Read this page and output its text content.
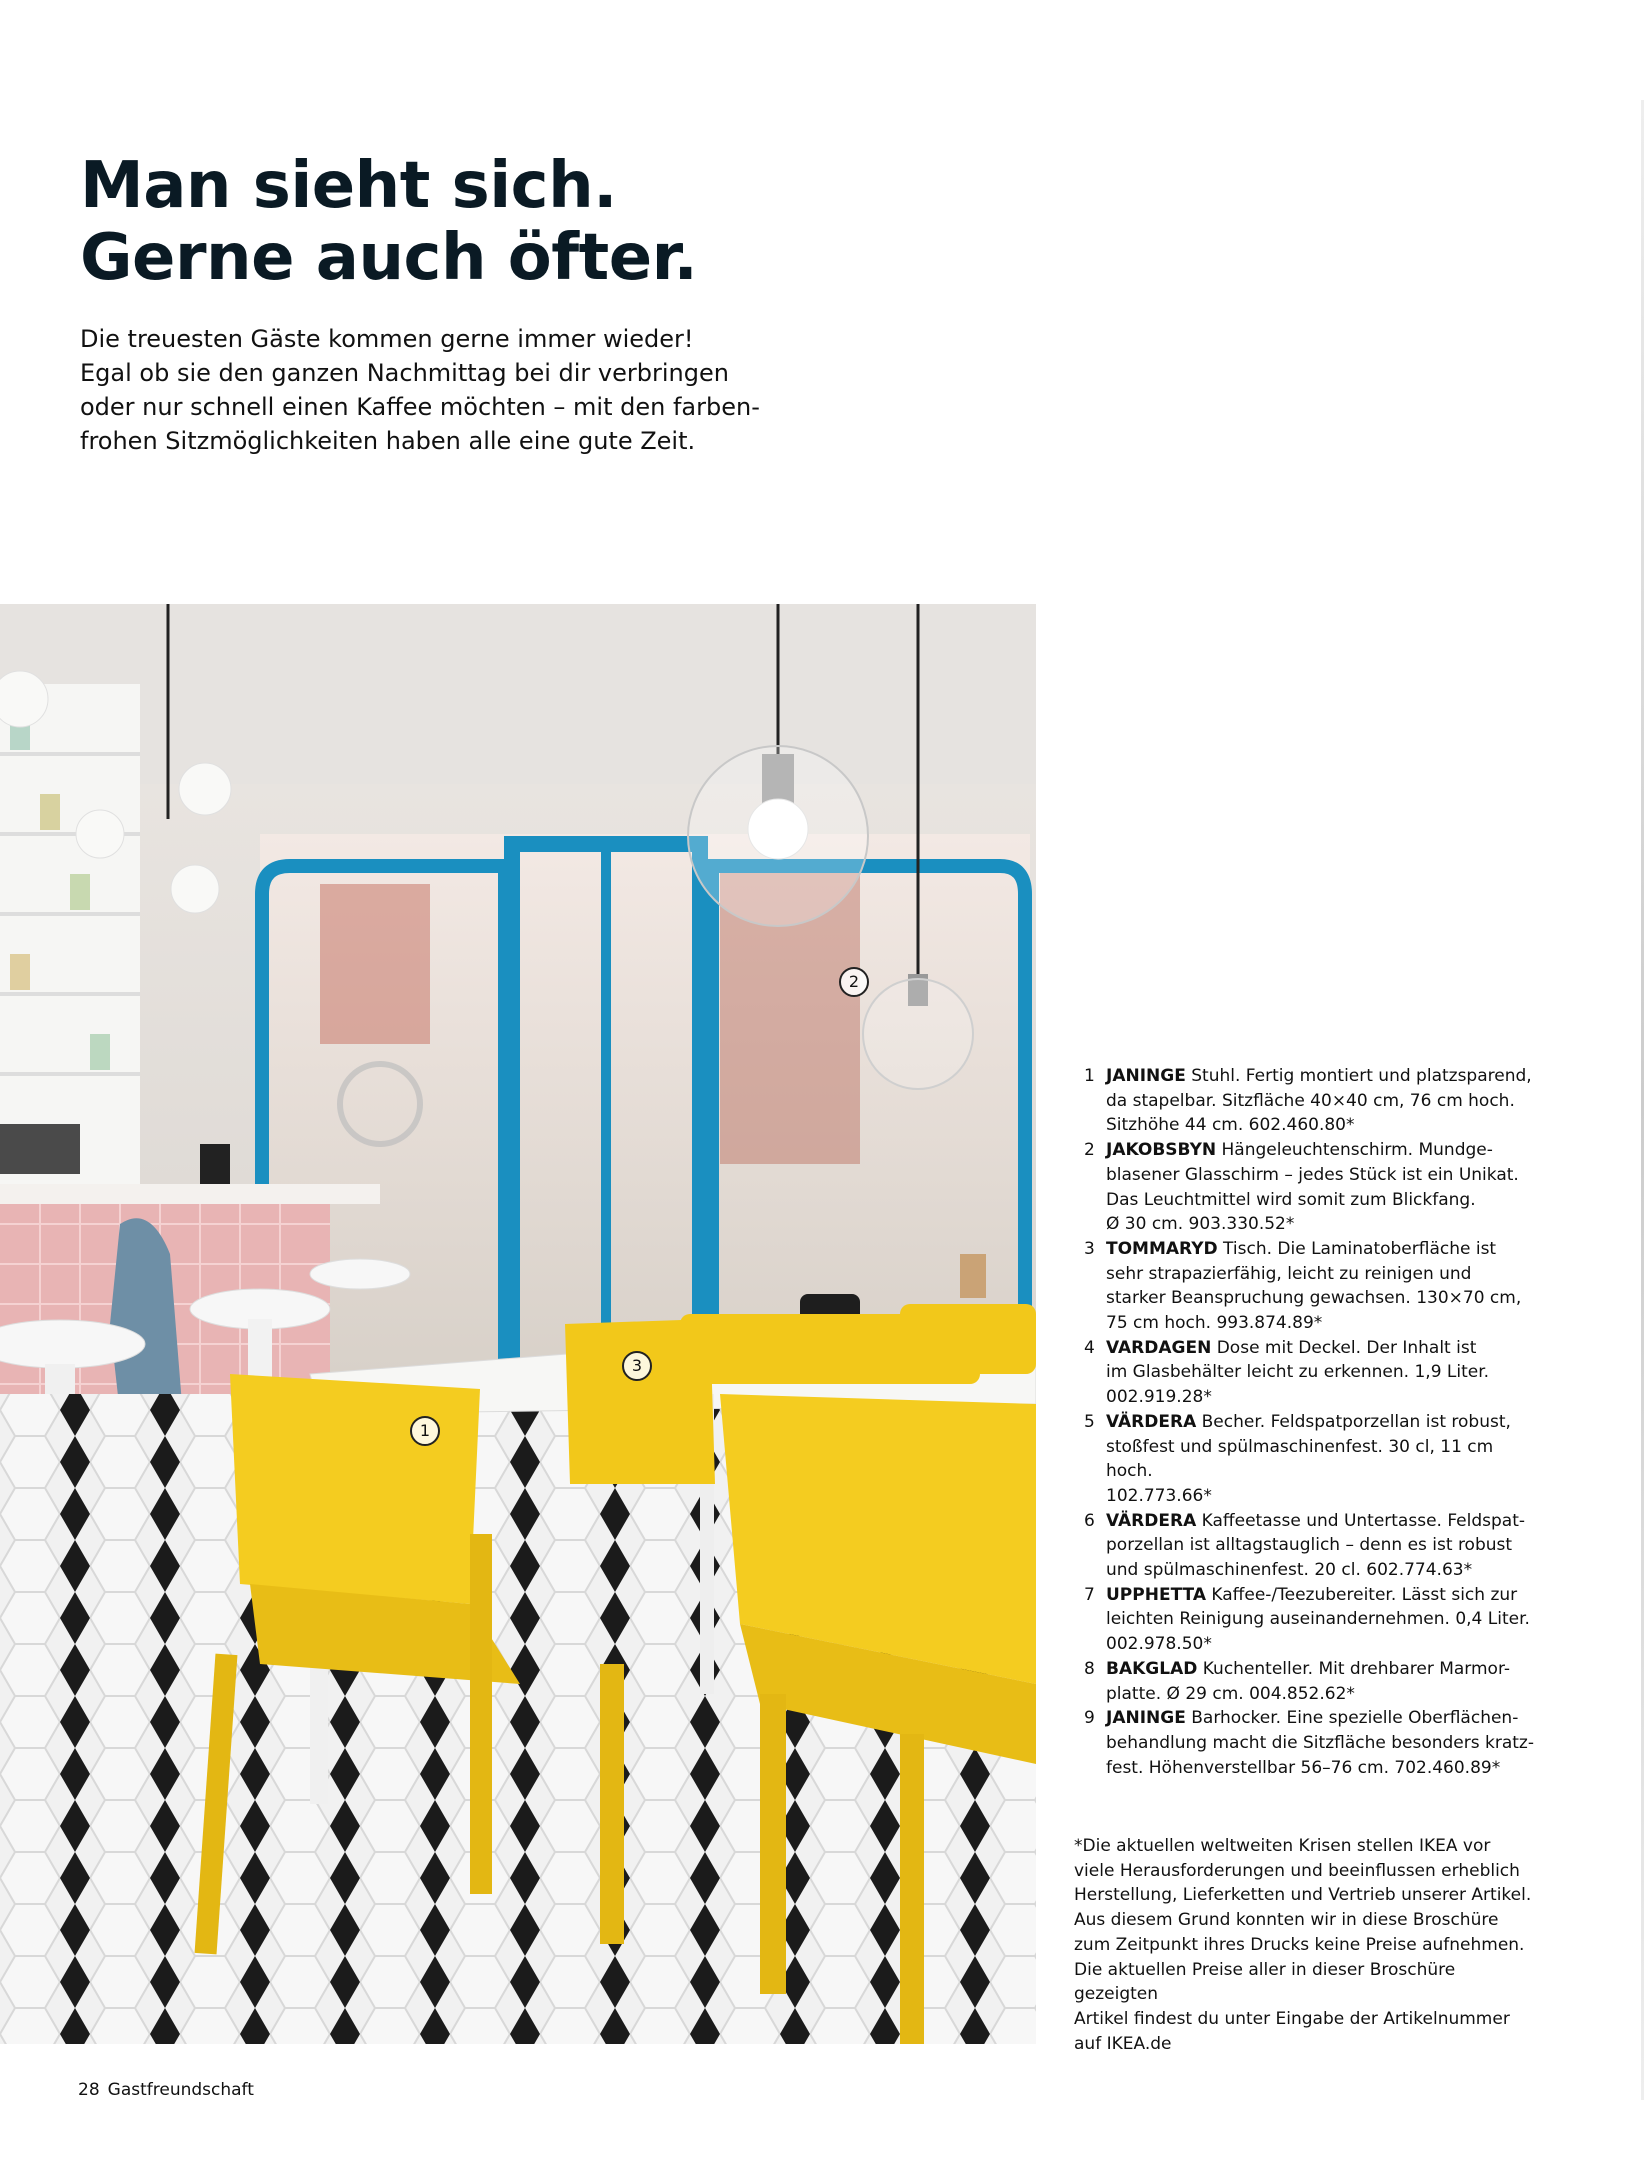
Man sieht sich.
Gerne auch öfter.

Die treuesten Gäste kommen gerne immer wieder!
Egal ob sie den ganzen Nachmittag bei dir verbringen
oder nur schnell einen Kaffee möchten – mit den farben-
frohen Sitzmöglichkeiten haben alle eine gute Zeit.

1
2
3
1 JANINGE Stuhl. Fertig montiert und platzsparend,
da stapelbar. Sitzfläche 40×40 cm, 76 cm hoch.
Sitzhöhe 44 cm. 602.460.80*
2 JAKOBSBYN Hängeleuchtenschirm. Mundge-
blasener Glasschirm – jedes Stück ist ein Unikat.
Das Leuchtmittel wird somit zum Blickfang.
Ø 30 cm. 903.330.52*
3 TOMMARYD Tisch. Die Laminatoberfläche ist
sehr strapazierfähig, leicht zu reinigen und
starker Beanspruchung gewachsen. 130×70 cm,
75 cm hoch. 993.874.89*
4 VARDAGEN Dose mit Deckel. Der Inhalt ist
im Glasbehälter leicht zu erkennen. 1,9 Liter.
002.919.28*
5 VÄRDERA Becher. Feldspatporzellan ist robust,
stoßfest und spülmaschinenfest. 30 cl, 11 cm hoch.
102.773.66*
6 VÄRDERA Kaffeetasse und Untertasse. Feldspat-
porzellan ist alltagstauglich – denn es ist robust
und spülmaschinenfest. 20 cl. 602.774.63*
7 UPPHETTA Kaffee-/Teezubereiter. Lässt sich zur
leichten Reinigung auseinandernehmen. 0,4 Liter.
002.978.50*
8 BAKGLAD Kuchenteller. Mit drehbarer Marmor-
platte. Ø 29 cm. 004.852.62*
9 JANINGE Barhocker. Eine spezielle Oberflächen-
behandlung macht die Sitzfläche besonders kratz-
fest. Höhenverstellbar 56–76 cm. 702.460.89*
*Die aktuellen weltweiten Krisen stellen IKEA vor
viele Herausforderungen und beeinflussen erheblich
Herstellung, Lieferketten und Vertrieb unserer Artikel.
Aus diesem Grund konnten wir in diese Broschüre
zum Zeitpunkt ihres Drucks keine Preise aufnehmen.
Die aktuellen Preise aller in dieser Broschüre gezeigten
Artikel findest du unter Eingabe der Artikelnummer
auf IKEA.de
28 Gastfreundschaft
